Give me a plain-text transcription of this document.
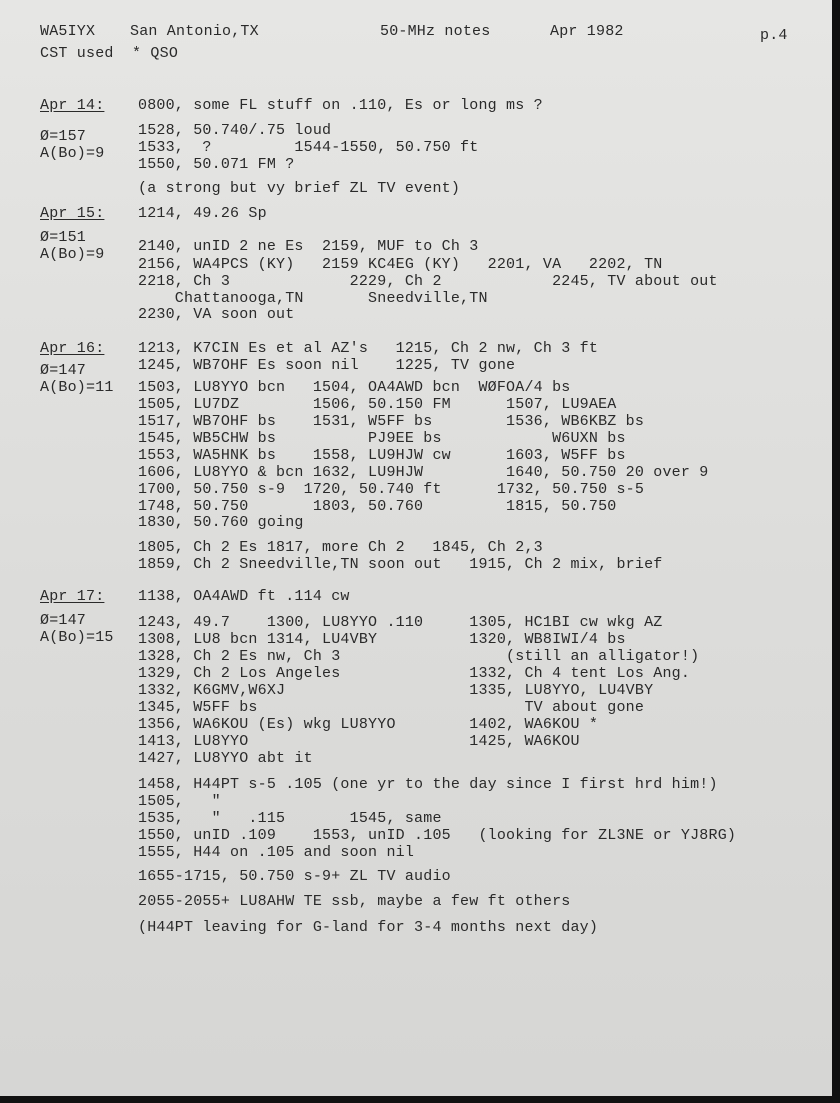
WA5IYX San Antonio,TX	50-MHz notes	Apr 1982	p.4
CST used  * QSO
Apr 14:
Ø=157
A(Bo)=9
0800, some FL stuff on .110, Es or long ms ?
1528, 50.740/.75 loud
1533,  ?         1544-1550, 50.750 ft
1550, 50.071 FM ?
(a strong but vy brief ZL TV event)
Apr 15:
Ø=151
A(Bo)=9
1214, 49.26 Sp
2140, unID 2 ne Es  2159, MUF to Ch 3
2156, WA4PCS (KY)   2159 KC4EG (KY)   2201, VA   2202, TN
2218, Ch 3             2229, Ch 2            2245, TV about out
Chattanooga,TN       Sneedville,TN
2230, VA soon out
Apr 16:
Ø=147
A(Bo)=11
1213, K7CIN Es et al AZ's   1215, Ch 2 nw, Ch 3 ft
1245, WB7OHF Es soon nil    1225, TV gone
1503, LU8YYO bcn   1504, OA4AWD bcn  WØFOA/4 bs
1505, LU7DZ        1506, 50.150 FM      1507, LU9AEA
1517, WB7OHF bs    1531, W5FF bs        1536, WB6KBZ bs
1545, WB5CHW bs          PJ9EE bs            W6UXN bs
1553, WA5HNK bs    1558, LU9HJW cw      1603, W5FF bs
1606, LU8YYO & bcn 1632, LU9HJW         1640, 50.750 20 over 9
1700, 50.750 s-9  1720, 50.740 ft      1732, 50.750 s-5
1748, 50.750       1803, 50.760         1815, 50.750
1830, 50.760 going
1805, Ch 2 Es 1817, more Ch 2   1845, Ch 2,3
1859, Ch 2 Sneedville,TN soon out   1915, Ch 2 mix, brief
Apr 17:
Ø=147
A(Bo)=15
1138, OA4AWD ft .114 cw
1243, 49.7    1300, LU8YYO .110     1305, HC1BI cw wkg AZ
1308, LU8 bcn 1314, LU4VBY          1320, WB8IWI/4 bs
1328, Ch 2 Es nw, Ch 3                  (still an alligator!)
1329, Ch 2 Los Angeles              1332, Ch 4 tent Los Ang.
1332, K6GMV,W6XJ                    1335, LU8YYO, LU4VBY
1345, W5FF bs                             TV about gone
1356, WA6KOU (Es) wkg LU8YYO        1402, WA6KOU *
1413, LU8YYO                        1425, WA6KOU
1427, LU8YYO abt it
1458, H44PT s-5 .105 (one yr to the day since I first hrd him!)
1505,   "
1535,   "   .115       1545, same
1550, unID .109    1553, unID .105   (looking for ZL3NE or YJ8RG)
1555, H44 on .105 and soon nil
1655-1715, 50.750 s-9+ ZL TV audio
2055-2055+ LU8AHW TE ssb, maybe a few ft others
(H44PT leaving for G-land for 3-4 months next day)
